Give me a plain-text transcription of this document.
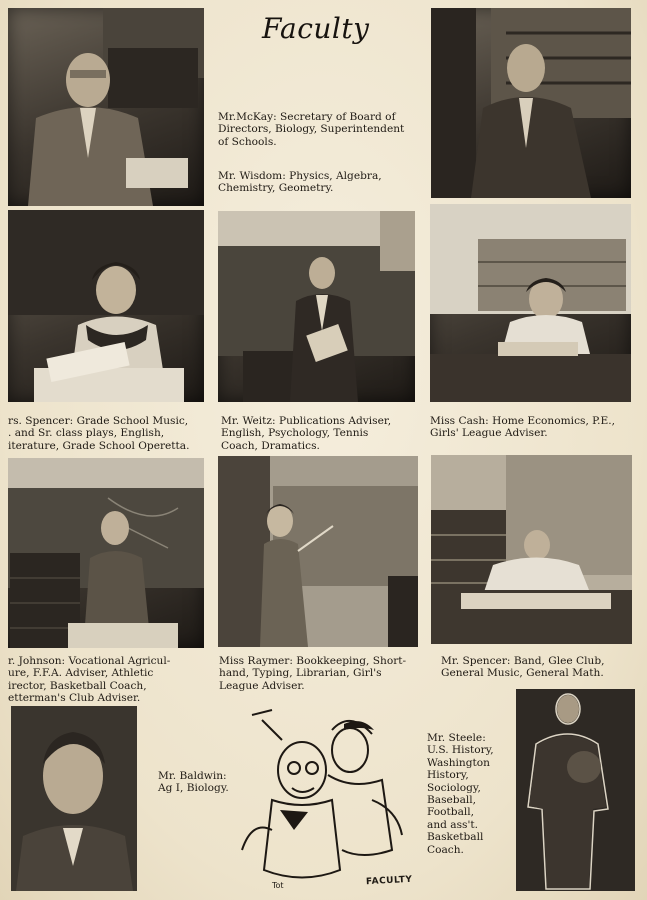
Faculty
Mr.McKay: Secretary of Board of
Directors, Biology, Superintendent
of Schools.
Mr. Wisdom: Physics, Algebra,
Chemistry, Geometry.
rs. Spencer: Grade School Music,
. and Sr. class plays, English,
iterature, Grade School Operetta.
Mr. Weitz: Publications Adviser,
English, Psychology, Tennis
Coach, Dramatics.
Miss Cash: Home Economics, P.E.,
Girls' League Adviser.
r. Johnson: Vocational Agricul-
ure, F.F.A. Adviser, Athletic
irector, Basketball Coach,
etterman's Club Adviser.
Miss Raymer: Bookkeeping, Short-
hand, Typing, Librarian, Girl's
League Adviser.
Mr. Spencer: Band, Glee Club,
General Music, General Math.
Mr. Baldwin:
Ag I, Biology.
Tot	FACULTY
Mr. Steele:
U.S. History,
Washington
History,
Sociology,
Baseball,
Football,
and ass't.
Basketball
Coach.
